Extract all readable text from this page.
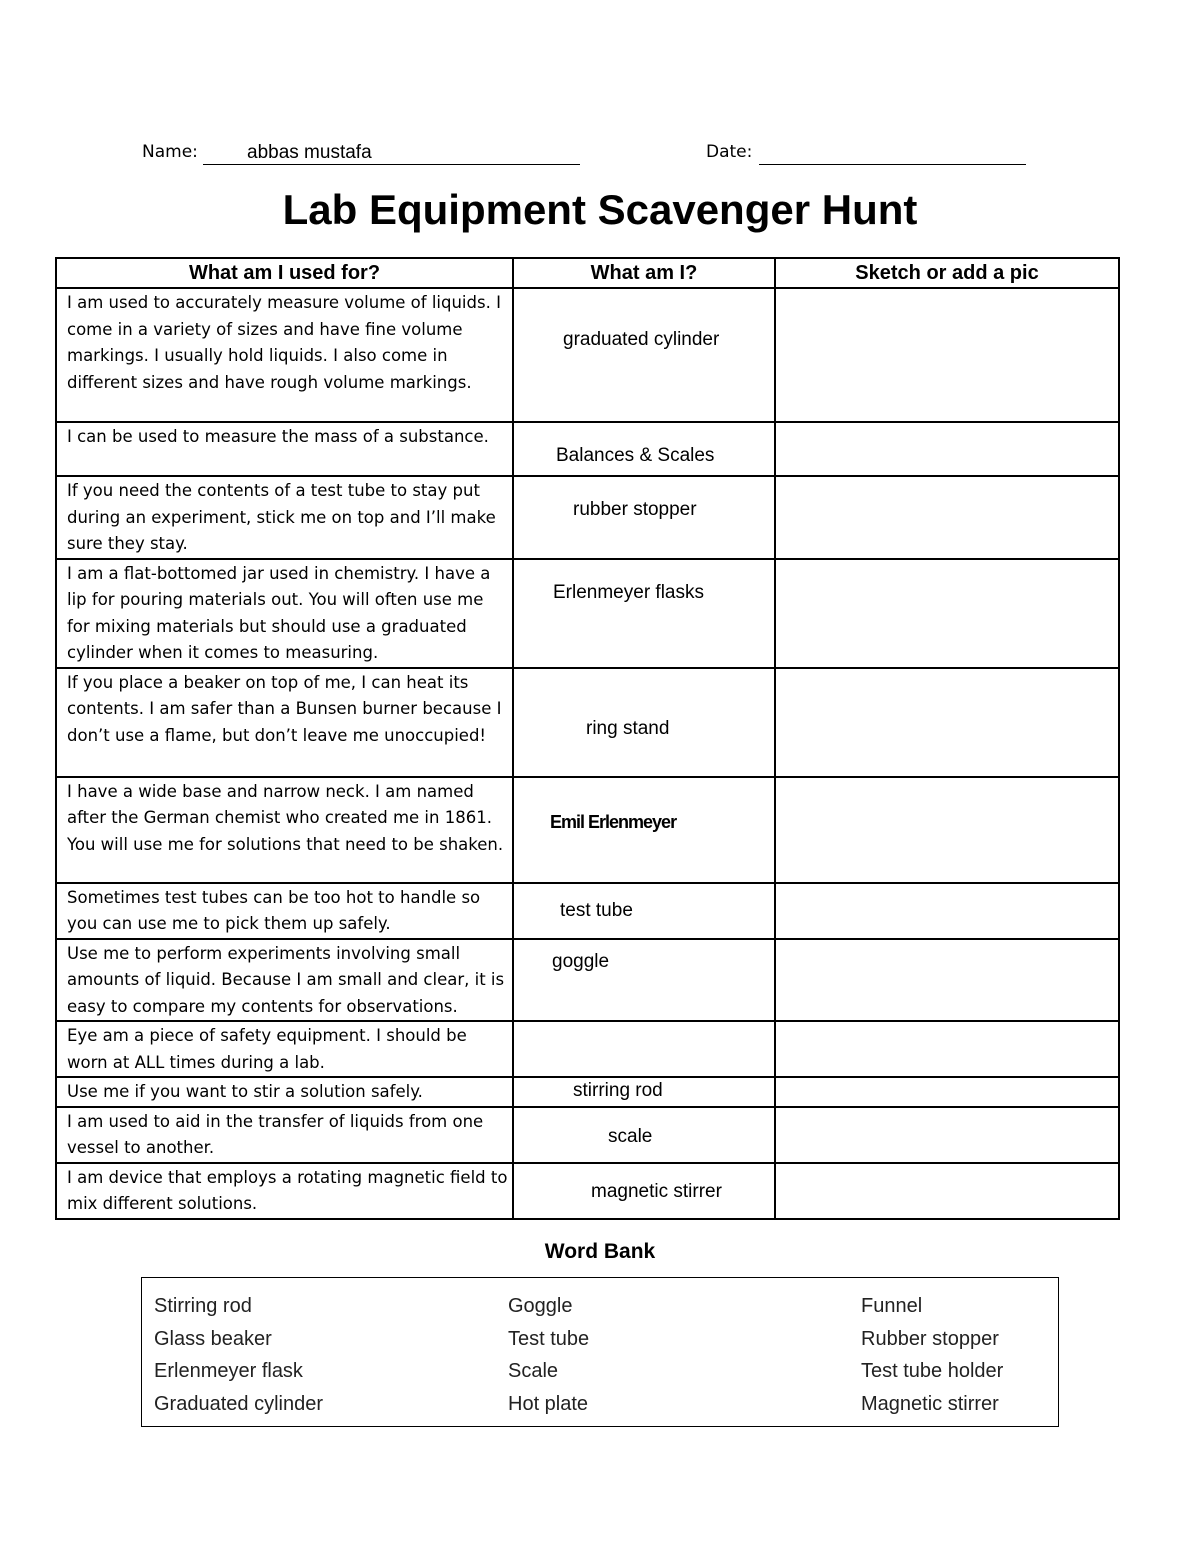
Name:	abbas mustafa	Date:
Lab Equipment Scavenger Hunt
What am I used for?	What am I?	Sketch or add a pic
I am used to accurately measure volume of liquids. I come in a variety of sizes and have fine volume markings. I usually hold liquids. I also come in different sizes and have rough volume markings.	graduated cylinder	

I can be used to measure the mass of a substance.	Balances & Scales	

If you need the contents of a test tube to stay put during an experiment, stick me on top and I’ll make sure they stay.	rubber stopper	

I am a flat-bottomed jar used in chemistry. I have a lip for pouring materials out. You will often use me for mixing materials but should use a graduated cylinder when it comes to measuring.	Erlenmeyer flasks	

If you place a beaker on top of me, I can heat its contents. I am safer than a Bunsen burner because I don’t use a flame, but don’t leave me unoccupied!	ring stand	

I have a wide base and narrow neck. I am named after the German chemist who created me in 1861. You will use me for solutions that need to be shaken.	Emil Erlenmeyer	

Sometimes test tubes can be too hot to handle so you can use me to pick them up safely.	test tube	

Use me to perform experiments involving small amounts of liquid. Because I am small and clear, it is easy to compare my contents for observations.	goggle	

Eye am a piece of safety equipment. I should be worn at ALL times during a lab.	

Use me if you want to stir a solution safely.	stirring rod	

I am used to aid in the transfer of liquids from one vessel to another.	scale	

I am device that employs a rotating magnetic field to mix different solutions.	magnetic stirrer	

Word Bank
Stirring rod
Glass beaker
Erlenmeyer flask
Graduated cylinder
Goggle
Test tube
Scale
Hot plate
Funnel
Rubber stopper
Test tube holder
Magnetic stirrer
